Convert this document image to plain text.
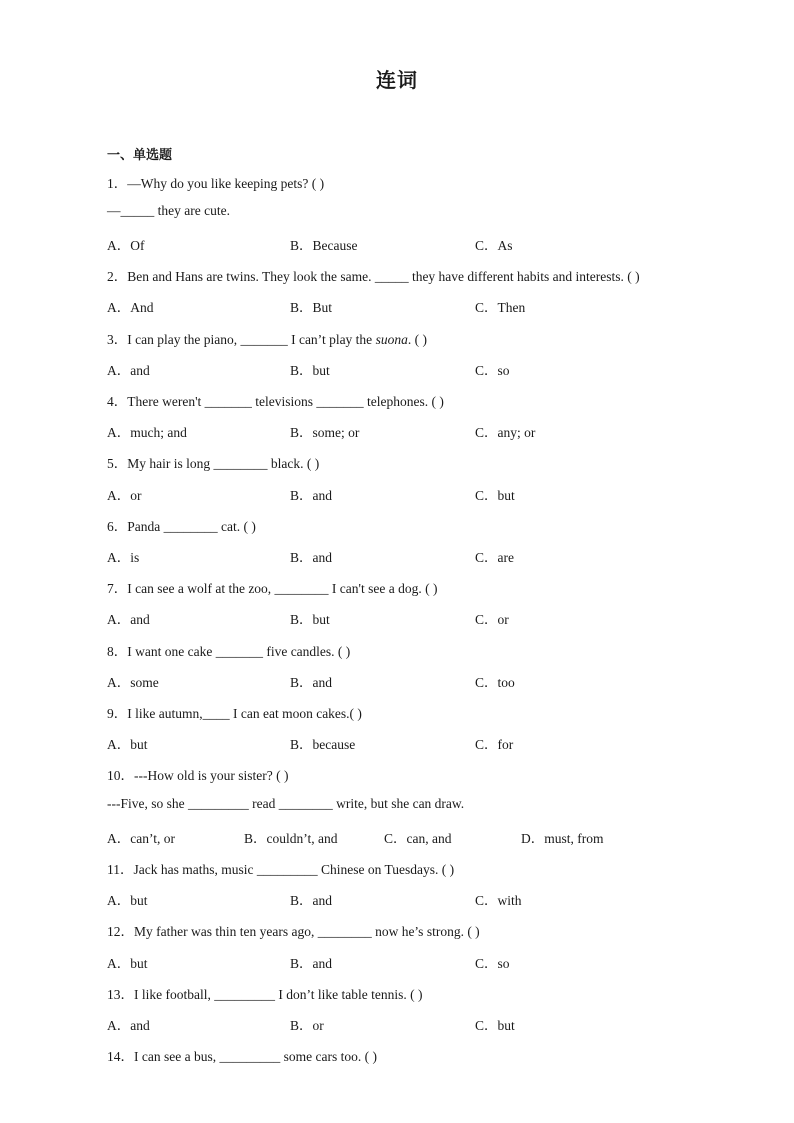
连词
一、单选题
1．—Why do you like keeping pets? ( )
—_____ they are cute.
A．Of	B．Because	C．As
2．Ben and Hans are twins. They look the same. _____ they have different habits and interests. ( )
A．And	B．But	C．Then
3．I can play the piano, _______ I can’t play the suona. ( )
A．and	B．but	C．so
4．There weren't _______ televisions _______ telephones. ( )
A．much; and	B．some; or	C．any; or
5．My hair is long ________ black. ( )
A．or	B．and	C．but
6．Panda ________ cat. ( )
A．is	B．and	C．are
7．I can see a wolf at the zoo, ________ I can't see a dog. ( )
A．and	B．but	C．or
8．I want one cake _______ five candles. ( )
A．some	B．and	C．too
9．I like autumn,____ I can eat moon cakes.( )
A．but	B．because	C．for
10．---How old is your sister? ( )
---Five, so she _________ read ________ write, but she can draw.
A．can’t, or	B．couldn’t, and	C．can, and	D．must, from
11．Jack has maths, music _________ Chinese on Tuesdays. ( )
A．but	B．and	C．with
12．My father was thin ten years ago, ________ now he’s strong. ( )
A．but	B．and	C．so
13．I like football, _________ I don’t like table tennis. ( )
A．and	B．or	C．but
14．I can see a bus, _________ some cars too. ( )
